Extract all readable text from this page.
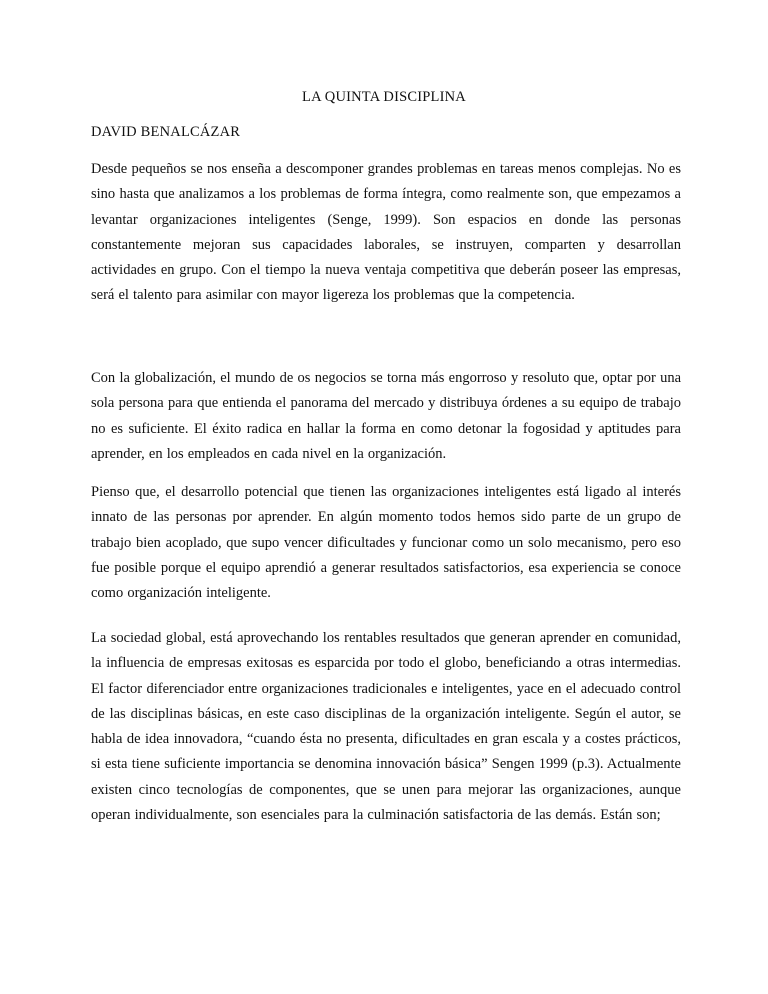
LA QUINTA DISCIPLINA
DAVID BENALCÁZAR

Desde pequeños se nos enseña a descomponer grandes problemas en tareas menos complejas. No es sino hasta que analizamos a los problemas de forma íntegra, como realmente son, que empezamos a levantar organizaciones inteligentes (Senge, 1999). Son espacios en donde las personas constantemente mejoran sus capacidades laborales, se instruyen, comparten y desarrollan actividades en grupo. Con el tiempo la nueva ventaja competitiva que deberán poseer las empresas, será el talento para asimilar con mayor ligereza los problemas que la competencia.

Con la globalización, el mundo de os negocios se torna más engorroso y resoluto que, optar por una sola persona para que entienda el panorama del mercado y distribuya órdenes a su equipo de trabajo no es suficiente. El éxito radica en hallar la forma en como detonar la fogosidad y aptitudes para aprender, en los empleados en cada nivel en la organización.

Pienso que, el desarrollo potencial que tienen las organizaciones inteligentes está ligado al interés innato de las personas por aprender. En algún momento todos hemos sido parte de un grupo de trabajo bien acoplado, que supo vencer dificultades y funcionar como un solo mecanismo, pero eso fue posible porque el equipo aprendió a generar resultados satisfactorios, esa experiencia se conoce como organización inteligente.

La sociedad global, está aprovechando los rentables resultados que generan aprender en comunidad, la influencia de empresas exitosas es esparcida por todo el globo, beneficiando a otras intermedias. El factor diferenciador entre organizaciones tradicionales e inteligentes, yace en el adecuado control de las disciplinas básicas, en este caso disciplinas de la organización inteligente. Según el autor, se habla de idea innovadora, “cuando ésta no presenta, dificultades en gran escala y a costes prácticos, si esta tiene suficiente importancia se denomina innovación básica” Sengen 1999 (p.3). Actualmente existen cinco tecnologías de componentes, que se unen para mejorar las organizaciones, aunque operan individualmente, son esenciales para la culminación satisfactoria de las demás. Están son;
